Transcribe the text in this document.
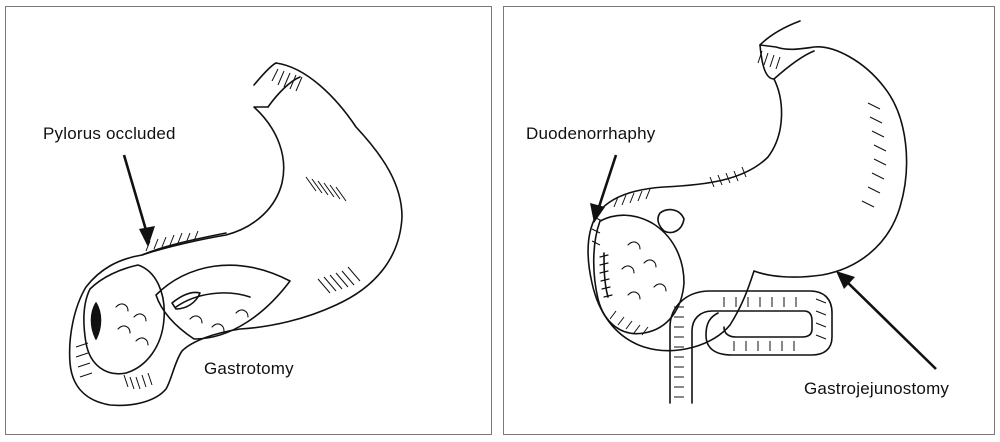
Pylorus occluded
Gastrotomy
Duodenorrhaphy
Gastrojejunostomy
